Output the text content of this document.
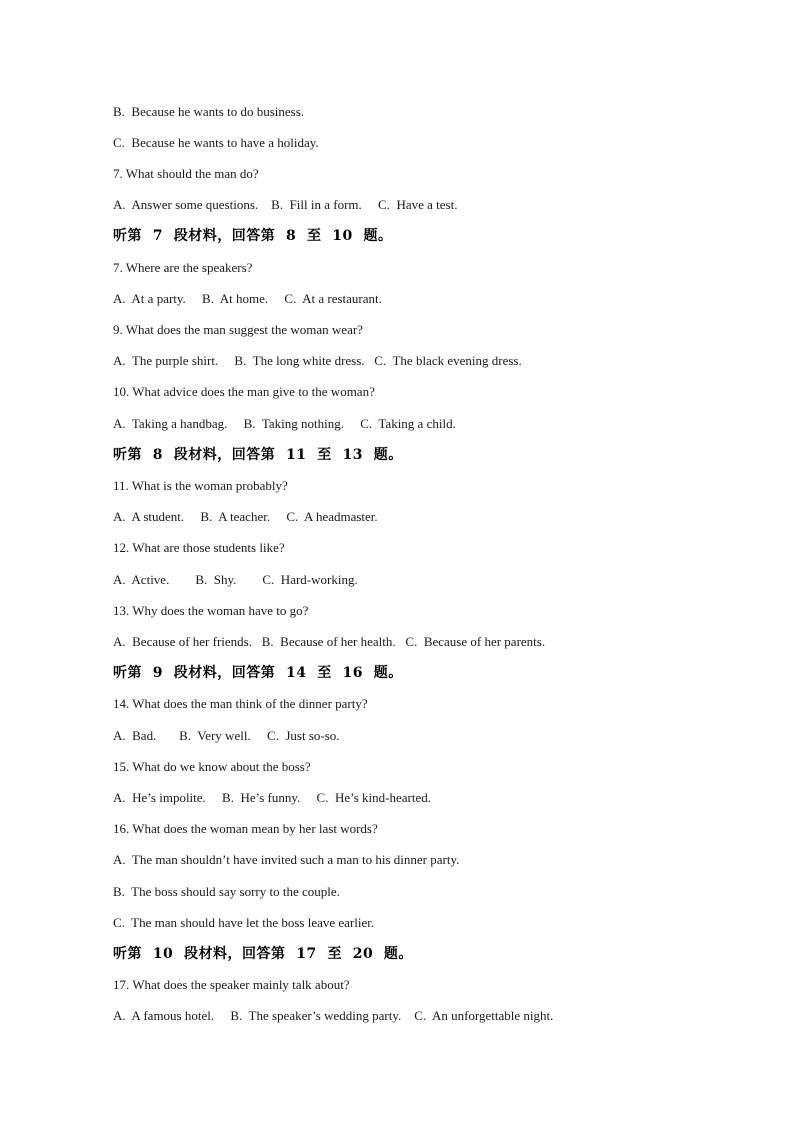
B.  Because he wants to do business.
C.  Because he wants to have a holiday.
7. What should the man do?
A.  Answer some questions.    B.  Fill in a form.     C.  Have a test.
听第  7  段材料，回答第  8  至  10  题。
7. Where are the speakers?
A.  At a party.     B.  At home.     C.  At a restaurant.
9. What does the man suggest the woman wear?
A.  The purple shirt.     B.  The long white dress.   C.  The black evening dress.
10. What advice does the man give to the woman?
A.  Taking a handbag.     B.  Taking nothing.     C.  Taking a child.
听第  8  段材料，回答第  11  至  13  题。
11. What is the woman probably?
A.  A student.     B.  A teacher.     C.  A headmaster.
12. What are those students like?
A.  Active.        B.  Shy.        C.  Hard-working.
13. Why does the woman have to go?
A.  Because of her friends.   B.  Because of her health.   C.  Because of her parents.
听第  9  段材料，回答第  14  至  16  题。
14. What does the man think of the dinner party?
A.  Bad.       B.  Very well.     C.  Just so-so.
15. What do we know about the boss?
A.  He’s impolite.     B.  He’s funny.     C.  He’s kind-hearted.
16. What does the woman mean by her last words?
A.  The man shouldn’t have invited such a man to his dinner party.
B.  The boss should say sorry to the couple.
C.  The man should have let the boss leave earlier.
听第  10  段材料，回答第  17  至  20  题。
17. What does the speaker mainly talk about?
A.  A famous hotel.     B.  The speaker’s wedding party.    C.  An unforgettable night.
